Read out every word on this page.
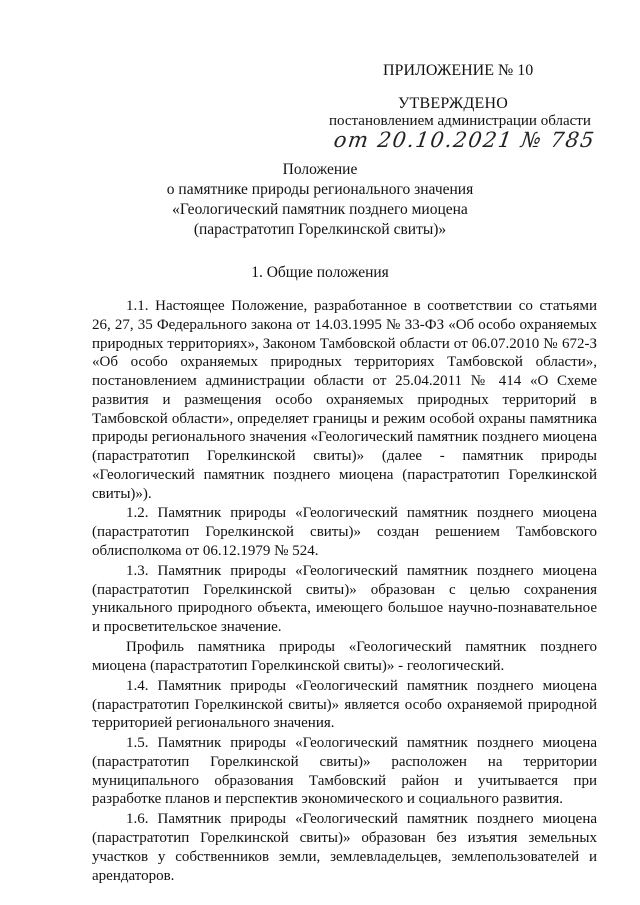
ПРИЛОЖЕНИЕ № 10
УТВЕРЖДЕНО
постановлением администрации области
от 20.10.2021 № 785
Положение
о памятнике природы регионального значения
«Геологический памятник позднего миоцена
(парастратотип Горелкинской свиты)»
1. Общие положения

1.1. Настоящее Положение, разработанное в соответствии со статьями 26, 27, 35 Федерального закона от 14.03.1995 № 33-ФЗ «Об особо охраняемых природных территориях», Законом Тамбовской области от 06.07.2010 № 672-З «Об особо охраняемых природных территориях Тамбовской области», постановлением администрации области от 25.04.2011 № 414 «О Схеме развития и размещения особо охраняемых природных территорий в Тамбовской области», определяет границы и режим особой охраны памятника природы регионального значения «Геологический памятник позднего миоцена (парастратотип Горелкинской свиты)» (далее - памятник природы «Геологический памятник позднего миоцена (парастратотип Горелкинской свиты)»).

1.2. Памятник природы «Геологический памятник позднего миоцена (парастратотип Горелкинской свиты)» создан решением Тамбовского облисполкома от 06.12.1979 № 524.

1.3. Памятник природы «Геологический памятник позднего миоцена (парастратотип Горелкинской свиты)» образован с целью сохранения уникального природного объекта, имеющего большое научно-познавательное и просветительское значение.

Профиль памятника природы «Геологический памятник позднего миоцена (парастратотип Горелкинской свиты)» - геологический.

1.4. Памятник природы «Геологический памятник позднего миоцена (парастратотип Горелкинской свиты)» является особо охраняемой природной территорией регионального значения.

1.5. Памятник природы «Геологический памятник позднего миоцена (парастратотип Горелкинской свиты)» расположен на территории муниципального образования Тамбовский район и учитывается при разработке планов и перспектив экономического и социального развития.

1.6. Памятник природы «Геологический памятник позднего миоцена (парастратотип Горелкинской свиты)» образован без изъятия земельных участков у собственников земли, землевладельцев, землепользователей и арендаторов.
